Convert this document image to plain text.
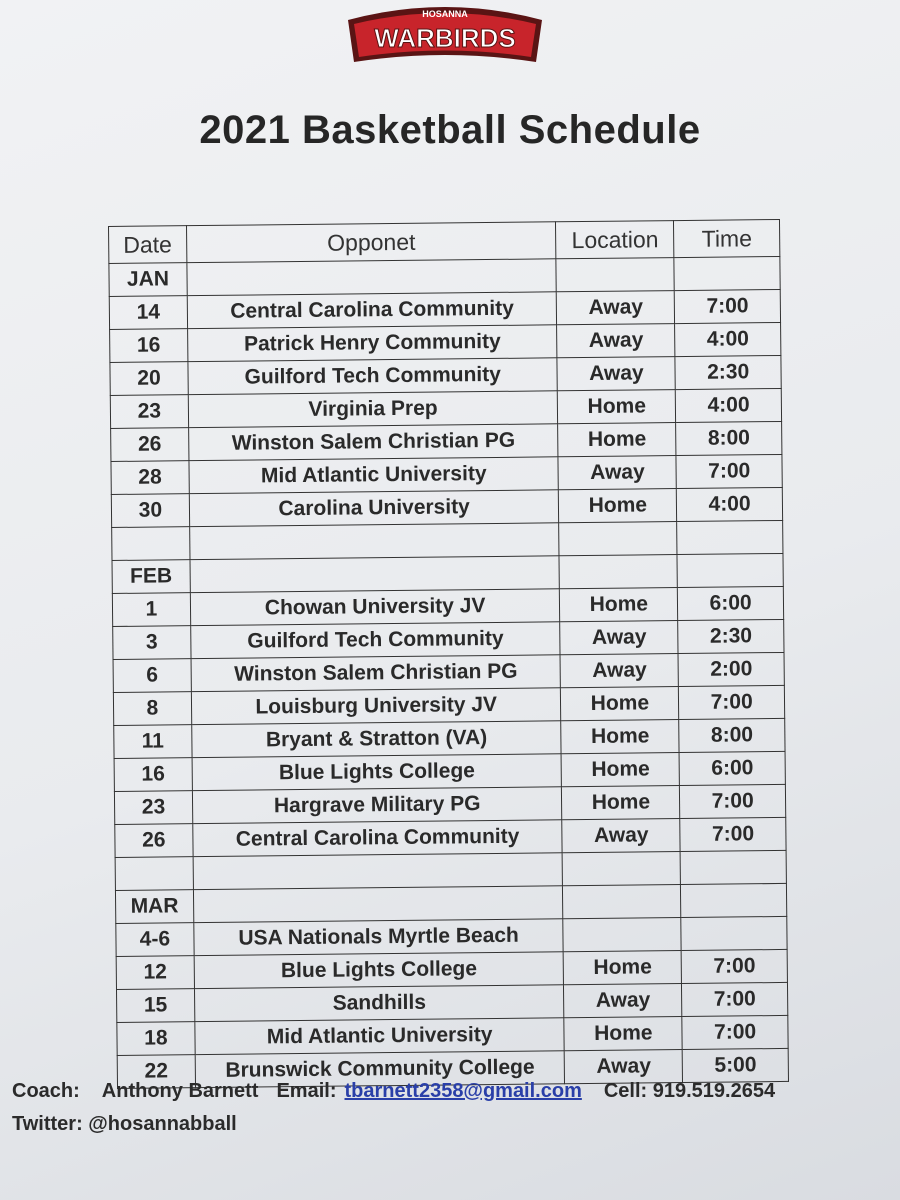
HOSANNA
WARBIRDS
2021 Basketball Schedule
Date	Opponet	Location	Time
JAN			
14	Central Carolina Community	Away	7:00
16	Patrick Henry Community	Away	4:00
20	Guilford Tech Community	Away	2:30
23	Virginia Prep	Home	4:00
26	Winston Salem Christian PG	Home	8:00
28	Mid Atlantic University	Away	7:00
30	Carolina University	Home	4:00

FEB			
1	Chowan University JV	Home	6:00
3	Guilford Tech Community	Away	2:30
6	Winston Salem Christian PG	Away	2:00
8	Louisburg University JV	Home	7:00
11	Bryant & Stratton (VA)	Home	8:00
16	Blue Lights College	Home	6:00
23	Hargrave Military PG	Home	7:00
26	Central Carolina Community	Away	7:00

MAR			
4-6	USA Nationals Myrtle Beach		
12	Blue Lights College	Home	7:00
15	Sandhills	Away	7:00
18	Mid Atlantic University	Home	7:00
22	Brunswick Community College	Away	5:00
Coach: Anthony Barnett Email: tbarnett2358@gmail.com Cell: 919.519.2654
Twitter: @hosannabball
